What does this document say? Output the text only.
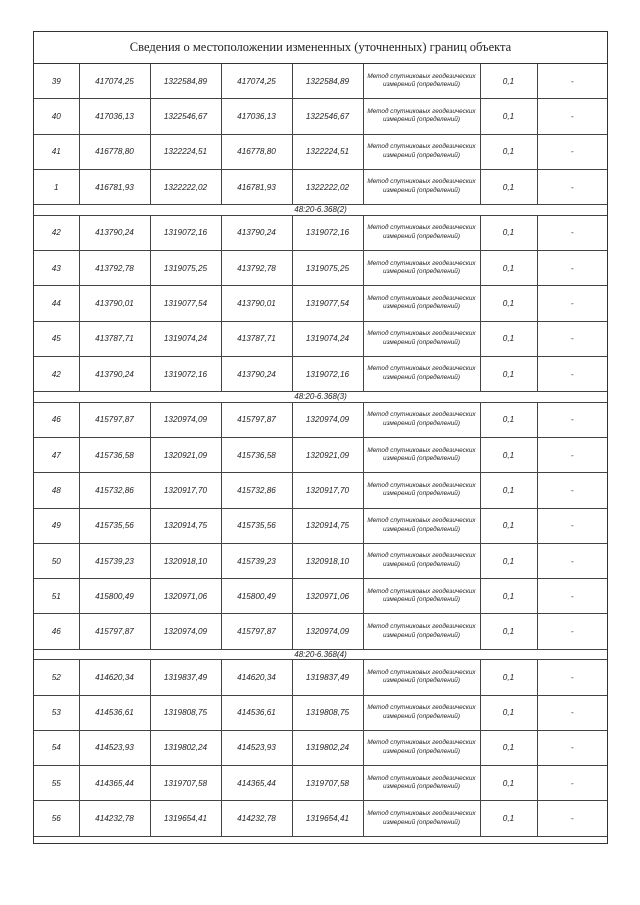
Сведения о местоположении измененных (уточненных) границ объекта
39	417074,25	1322584,89	417074,25	1322584,89	Метод спутниковых геодезических измерений (определений)	0,1	-
40	417036,13	1322546,67	417036,13	1322546,67	Метод спутниковых геодезических измерений (определений)	0,1	-
41	416778,80	1322224,51	416778,80	1322224,51	Метод спутниковых геодезических измерений (определений)	0,1	-
1	416781,93	1322222,02	416781,93	1322222,02	Метод спутниковых геодезических измерений (определений)	0,1	-
48:20-6.368(2)							
42	413790,24	1319072,16	413790,24	1319072,16	Метод спутниковых геодезических измерений (определений)	0,1	-
43	413792,78	1319075,25	413792,78	1319075,25	Метод спутниковых геодезических измерений (определений)	0,1	-
44	413790,01	1319077,54	413790,01	1319077,54	Метод спутниковых геодезических измерений (определений)	0,1	-
45	413787,71	1319074,24	413787,71	1319074,24	Метод спутниковых геодезических измерений (определений)	0,1	-
42	413790,24	1319072,16	413790,24	1319072,16	Метод спутниковых геодезических измерений (определений)	0,1	-
48:20-6.368(3)							
46	415797,87	1320974,09	415797,87	1320974,09	Метод спутниковых геодезических измерений (определений)	0,1	-
47	415736,58	1320921,09	415736,58	1320921,09	Метод спутниковых геодезических измерений (определений)	0,1	-
48	415732,86	1320917,70	415732,86	1320917,70	Метод спутниковых геодезических измерений (определений)	0,1	-
49	415735,56	1320914,75	415735,56	1320914,75	Метод спутниковых геодезических измерений (определений)	0,1	-
50	415739,23	1320918,10	415739,23	1320918,10	Метод спутниковых геодезических измерений (определений)	0,1	-
51	415800,49	1320971,06	415800,49	1320971,06	Метод спутниковых геодезических измерений (определений)	0,1	-
46	415797,87	1320974,09	415797,87	1320974,09	Метод спутниковых геодезических измерений (определений)	0,1	-
48:20-6.368(4)							
52	414620,34	1319837,49	414620,34	1319837,49	Метод спутниковых геодезических измерений (определений)	0,1	-
53	414536,61	1319808,75	414536,61	1319808,75	Метод спутниковых геодезических измерений (определений)	0,1	-
54	414523,93	1319802,24	414523,93	1319802,24	Метод спутниковых геодезических измерений (определений)	0,1	-
55	414365,44	1319707,58	414365,44	1319707,58	Метод спутниковых геодезических измерений (определений)	0,1	-
56	414232,78	1319654,41	414232,78	1319654,41	Метод спутниковых геодезических измерений (определений)	0,1	-
